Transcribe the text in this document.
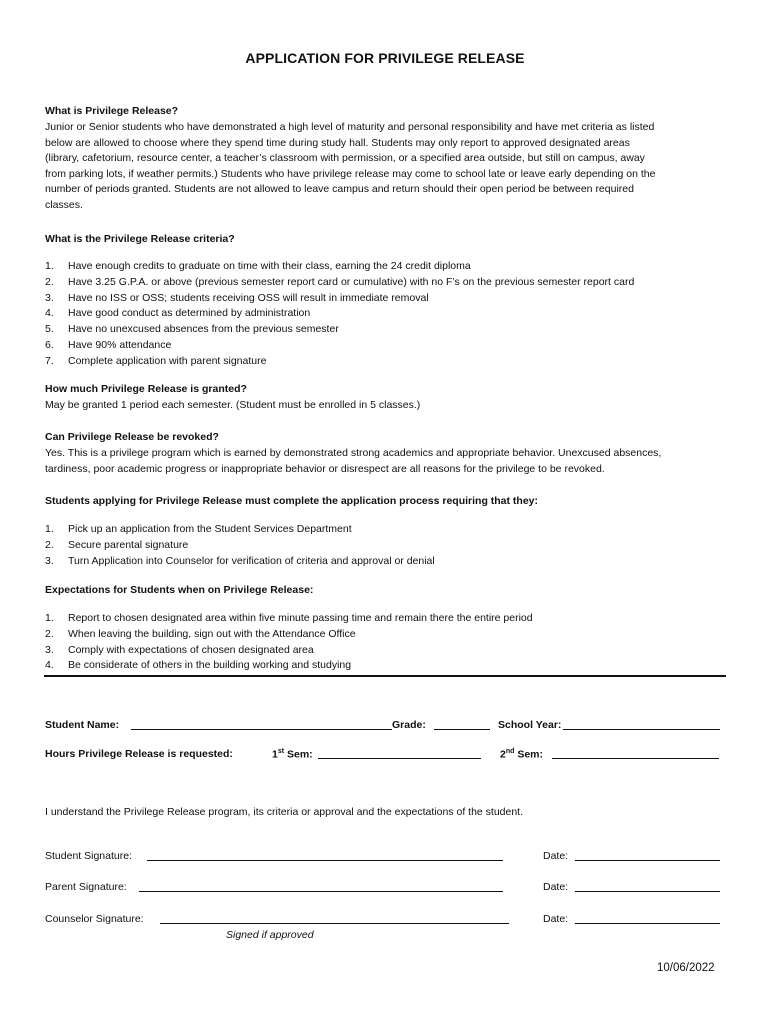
APPLICATION FOR PRIVILEGE RELEASE
What is Privilege Release?
Junior or Senior students who have demonstrated a high level of maturity and personal responsibility and have met criteria as listed
below are allowed to choose where they spend time during study hall. Students may only report to approved designated areas
(library, cafetorium, resource center, a teacher’s classroom with permission, or a specified area outside, but still on campus, away
from parking lots, if weather permits.) Students who have privilege release may come to school late or leave early depending on the
number of periods granted. Students are not allowed to leave campus and return should their open period be between required
classes.
What is the Privilege Release criteria?
1. Have enough credits to graduate on time with their class, earning the 24 credit diploma
2. Have 3.25 G.P.A. or above (previous semester report card or cumulative) with no F’s on the previous semester report card
3. Have no ISS or OSS; students receiving OSS will result in immediate removal
4. Have good conduct as determined by administration
5. Have no unexcused absences from the previous semester
6. Have 90% attendance
7. Complete application with parent signature
How much Privilege Release is granted?
May be granted 1 period each semester. (Student must be enrolled in 5 classes.)
Can Privilege Release be revoked?
Yes. This is a privilege program which is earned by demonstrated strong academics and appropriate behavior. Unexcused absences,
tardiness, poor academic progress or inappropriate behavior or disrespect are all reasons for the privilege to be revoked.
Students applying for Privilege Release must complete the application process requiring that they:
1. Pick up an application from the Student Services Department
2. Secure parental signature
3. Turn Application into Counselor for verification of criteria and approval or denial
Expectations for Students when on Privilege Release:
1. Report to chosen designated area within five minute passing time and remain there the entire period
2. When leaving the building, sign out with the Attendance Office
3. Comply with expectations of chosen designated area
4. Be considerate of others in the building working and studying
Student Name:	Grade:	School Year:
Hours Privilege Release is requested:	1st Sem:	2nd Sem:
I understand the Privilege Release program, its criteria or approval and the expectations of the student.
Student Signature:	Date:
Parent Signature:	Date:
Counselor Signature:	Date:
Signed if approved
10/06/2022
